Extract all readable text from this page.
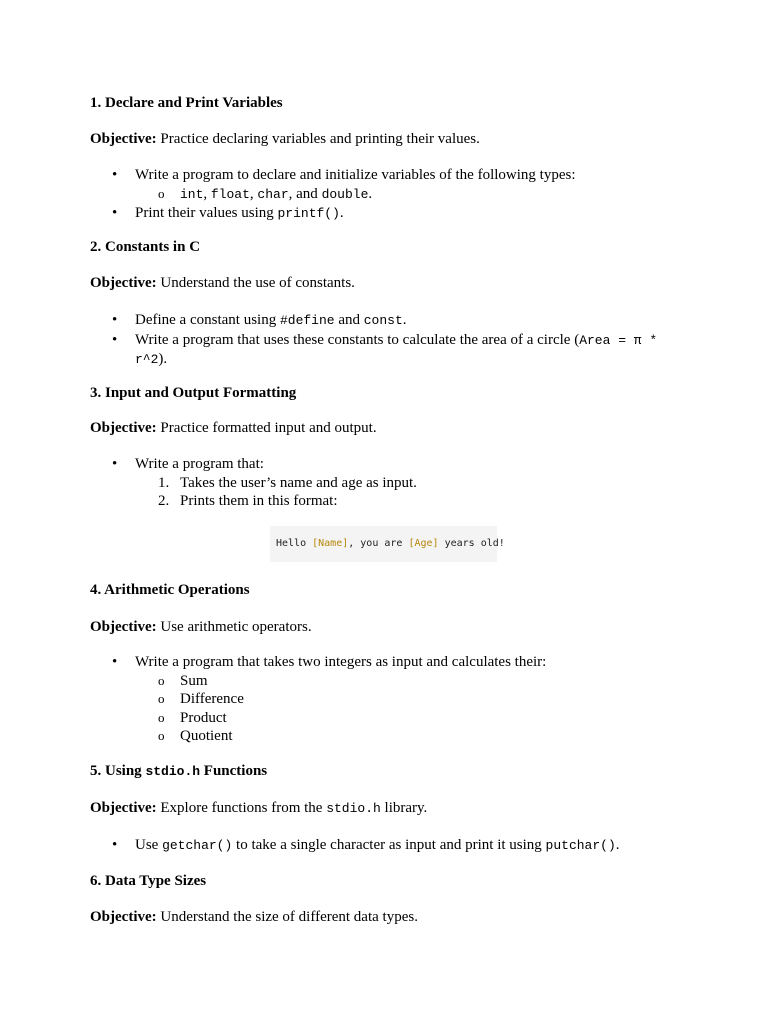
1. Declare and Print Variables
Objective: Practice declaring variables and printing their values.
•	Write a program to declare and initialize variables of the following types:
o int, float, char, and double.
•	Print their values using printf().
2. Constants in C
Objective: Understand the use of constants.
•	Define a constant using #define and const.
•	Write a program that uses these constants to calculate the area of a circle (Area = π *
r^2).
3. Input and Output Formatting
Objective: Practice formatted input and output.
•	Write a program that:
1. Takes the user’s name and age as input.
2. Prints them in this format:
Hello [Name], you are [Age] years old!
4. Arithmetic Operations
Objective: Use arithmetic operators.
•	Write a program that takes two integers as input and calculates their:
o Sum
o Difference
o Product
o Quotient
5. Using stdio.h Functions
Objective: Explore functions from the stdio.h library.
•	Use getchar() to take a single character as input and print it using putchar().
6. Data Type Sizes
Objective: Understand the size of different data types.
